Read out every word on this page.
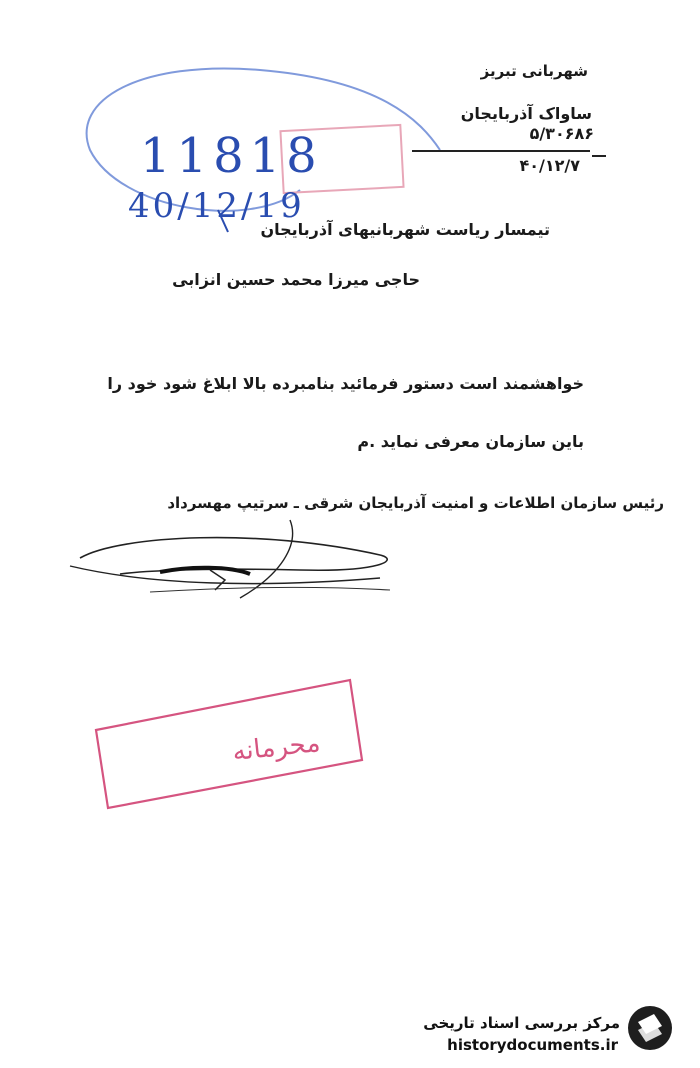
شهربانی تبریز
ساواک آذربایجان
۵/۳۰۶۸۶
۴۰/۱۲/۷
11818
40/12/19
تیمسار ریاست شهربانیهای آذربایجان
حاجی میرزا محمد حسین انزابی
خواهشمند است دستور فرمائید بنامبرده بالا ابلاغ شود خود را
باین سازمان معرفی نماید .م
رئیس سازمان اطلاعات و امنیت آذربایجان شرقی ـ سرتیپ مهسرداد
محرمانه
مرکز بررسی اسناد تاریخی
historydocuments.ir
